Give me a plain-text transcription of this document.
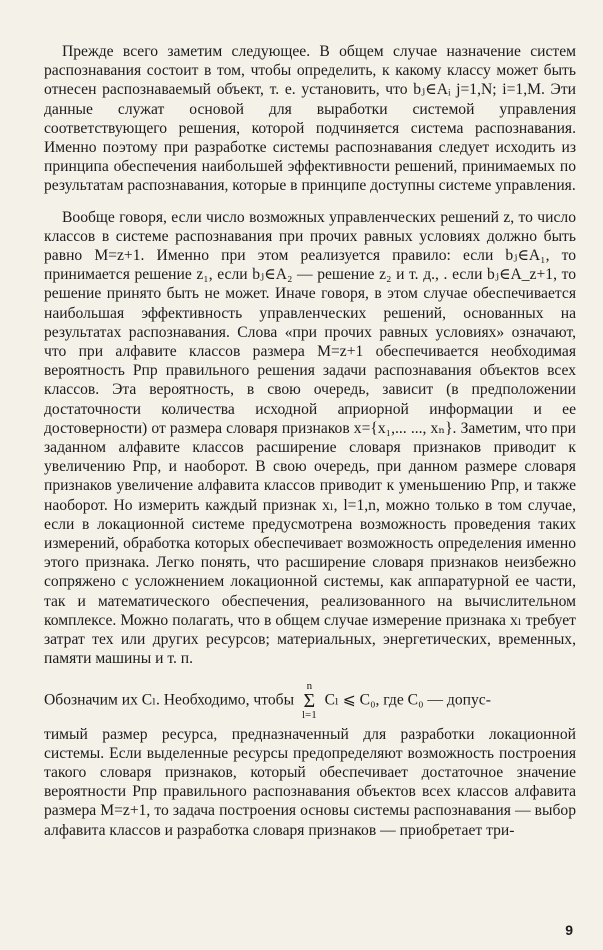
Прежде всего заметим следующее. В общем случае назначение систем распознавания состоит в том, чтобы определить, к какому классу может быть отнесен распознаваемый объект, т. е. установить, что bⱼ∈Aᵢ j=1,N; i=1,M. Эти данные служат основой для выработки системой управления соответствующего решения, которой подчиняется система распознавания. Именно поэтому при разработке системы распознавания следует исходить из принципа обеспечения наибольшей эффективности решений, принимаемых по результатам распознавания, которые в принципе доступны системе управления.

Вообще говоря, если число возможных управленческих решений z, то число классов в системе распознавания при прочих равных условиях должно быть равно M=z+1. Именно при этом реализуется правило: если bⱼ∈A₁, то принимается решение z₁, если bⱼ∈A₂ — решение z₂ и т. д., . если bⱼ∈A_z+1, то решение принято быть не может. Иначе говоря, в этом случае обеспечивается наибольшая эффективность управленческих решений, основанных на результатах распознавания. Слова «при прочих равных условиях» означают, что при алфавите классов размера M=z+1 обеспечивается необходимая вероятность Pпр правильного решения задачи распознавания объектов всех классов. Эта вероятность, в свою очередь, зависит (в предположении достаточности количества исходной априорной информации и ее достоверности) от размера словаря признаков x={x₁,... ..., xₙ}. Заметим, что при заданном алфавите классов расширение словаря признаков приводит к увеличению Pпр, и наоборот. В свою очередь, при данном размере словаря признаков увеличение алфавита классов приводит к уменьшению Pпр, и также наоборот. Но измерить каждый признак xₗ, l=1,n, можно только в том случае, если в локационной системе предусмотрена возможность проведения таких измерений, обработка которых обеспечивает возможность определения именно этого признака. Легко понять, что расширение словаря признаков неизбежно сопряжено с усложнением локационной системы, как аппаратурной ее части, так и математического обеспечения, реализованного на вычислительном комплексе. Можно полагать, что в общем случае измерение признака xₗ требует затрат тех или других ресурсов; материальных, энергетических, временных, памяти машины и т. п.

Обозначим их Cₗ. Необходимо, чтобы
n
Σ
l=1
Cₗ ⩽ C₀, где C₀ — допус-
тимый размер ресурса, предназначенный для разработки локационной системы. Если выделенные ресурсы предопределяют возможность построения такого словаря признаков, который обеспечивает достаточное значение вероятности Pпр правильного распознавания объектов всех классов алфавита размера M=z+1, то задача построения основы системы распознавания — выбор алфавита классов и разработка словаря признаков — приобретает три-

9
